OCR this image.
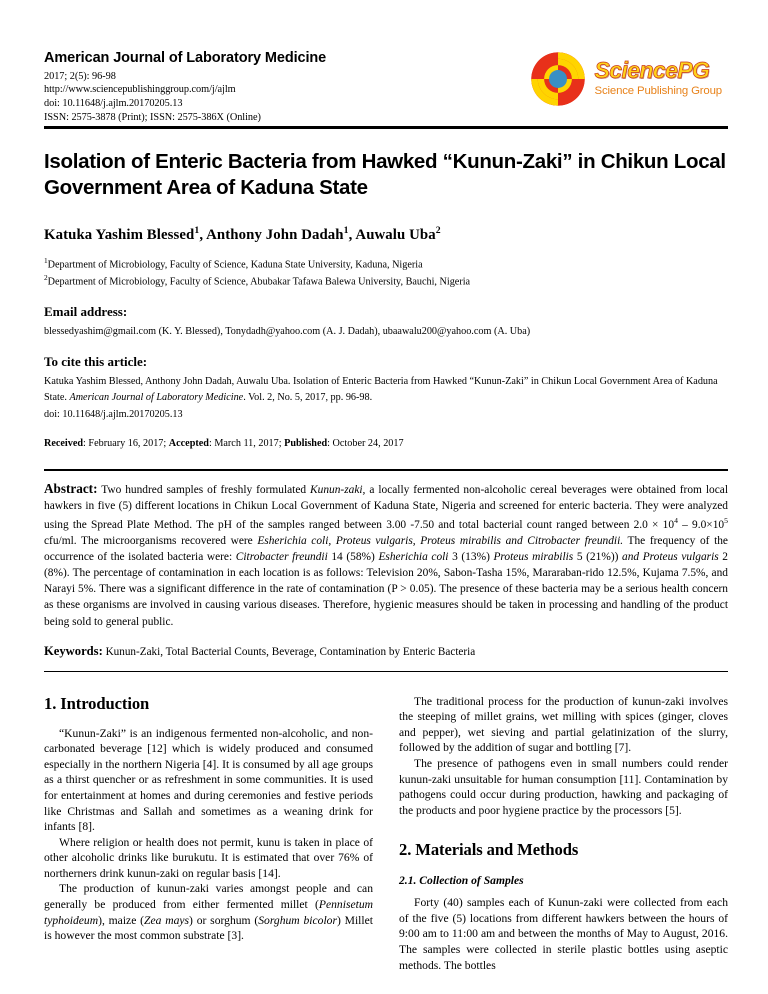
American Journal of Laboratory Medicine
2017; 2(5): 96-98
http://www.sciencepublishinggroup.com/j/ajlm
doi: 10.11648/j.ajlm.20170205.13
ISSN: 2575-3878 (Print); ISSN: 2575-386X (Online)
SciencePG
Science Publishing Group
Isolation of Enteric Bacteria from Hawked “Kunun-Zaki” in Chikun Local Government Area of Kaduna State
Katuka Yashim Blessed$^1$, Anthony John Dadah$^1$, Auwalu Uba$^2$
$^1$Department of Microbiology, Faculty of Science, Kaduna State University, Kaduna, Nigeria
$^2$Department of Microbiology, Faculty of Science, Abubakar Tafawa Balewa University, Bauchi, Nigeria
Email address:
blessedyashim@gmail.com (K. Y. Blessed), Tonydadh@yahoo.com (A. J. Dadah), ubaawalu200@yahoo.com (A. Uba)
To cite this article:
Katuka Yashim Blessed, Anthony John Dadah, Auwalu Uba. Isolation of Enteric Bacteria from Hawked “Kunun-Zaki” in Chikun Local Government Area of Kaduna State. American Journal of Laboratory Medicine. Vol. 2, No. 5, 2017, pp. 96-98.
doi: 10.11648/j.ajlm.20170205.13
Received: February 16, 2017; Accepted: March 11, 2017; Published: October 24, 2017

Abstract: Two hundred samples of freshly formulated Kunun-zaki, a locally fermented non-alcoholic cereal beverages were obtained from local hawkers in five (5) different locations in Chikun Local Government of Kaduna State, Nigeria and screened for enteric bacteria. They were analyzed using the Spread Plate Method. The pH of the samples ranged between 3.00 -7.50 and total bacterial count ranged between $2.0 \times 10^4 - 9.0\times 10^5$ cfu/ml. The microorganisms recovered were Esherichia coli, Proteus vulgaris, Proteus mirabilis and Citrobacter freundii. The frequency of the occurrence of the isolated bacteria were: Citrobacter freundii 14 (58%) Esherichia coli 3 (13%) Proteus mirabilis 5 (21%)) and Proteus vulgaris 2 (8%). The percentage of contamination in each location is as follows: Television 20%, Sabon-Tasha 15%, Mararaban-rido 12.5%, Kujama 7.5%, and Narayi 5%. There was a significant difference in the rate of contamination (P > 0.05). The presence of these bacteria may be a serious health concern as these organisms are involved in causing various diseases. Therefore, hygienic measures should be taken in processing and handling of the product being sold to general public.

Keywords: Kunun-Zaki, Total Bacterial Counts, Beverage, Contamination by Enteric Bacteria

1. Introduction

“Kunun-Zaki” is an indigenous fermented non-alcoholic, and non-carbonated beverage [12] which is widely produced and consumed especially in the northern Nigeria [4]. It is consumed by all age groups as a thirst quencher or as refreshment in some communities. It is used for entertainment at homes and during ceremonies and festive periods like Christmas and Sallah and sometimes as a weaning drink for infants [8].

Where religion or health does not permit, kunu is taken in place of other alcoholic drinks like burukutu. It is estimated that over 76% of northerners drink kunun-zaki on regular basis [14].

The production of kunun-zaki varies amongst people and can generally be produced from either fermented millet (Pennisetum typhoideum), maize (Zea mays) or sorghum (Sorghum bicolor) Millet is however the most common substrate [3].

The traditional process for the production of kunun-zaki involves the steeping of millet grains, wet milling with spices (ginger, cloves and pepper), wet sieving and partial gelatinization of the slurry, followed by the addition of sugar and bottling [7].

The presence of pathogens even in small numbers could render kunun-zaki unsuitable for human consumption [11]. Contamination by pathogens could occur during production, hawking and packaging of the products and poor hygiene practice by the processors [5].

2. Materials and Methods
2.1. Collection of Samples

Forty (40) samples each of Kunun-zaki were collected from each of the five (5) locations from different hawkers between the hours of 9:00 am to 11:00 am and between the months of May to August, 2016. The samples were collected in sterile plastic bottles using aseptic methods. The bottles
